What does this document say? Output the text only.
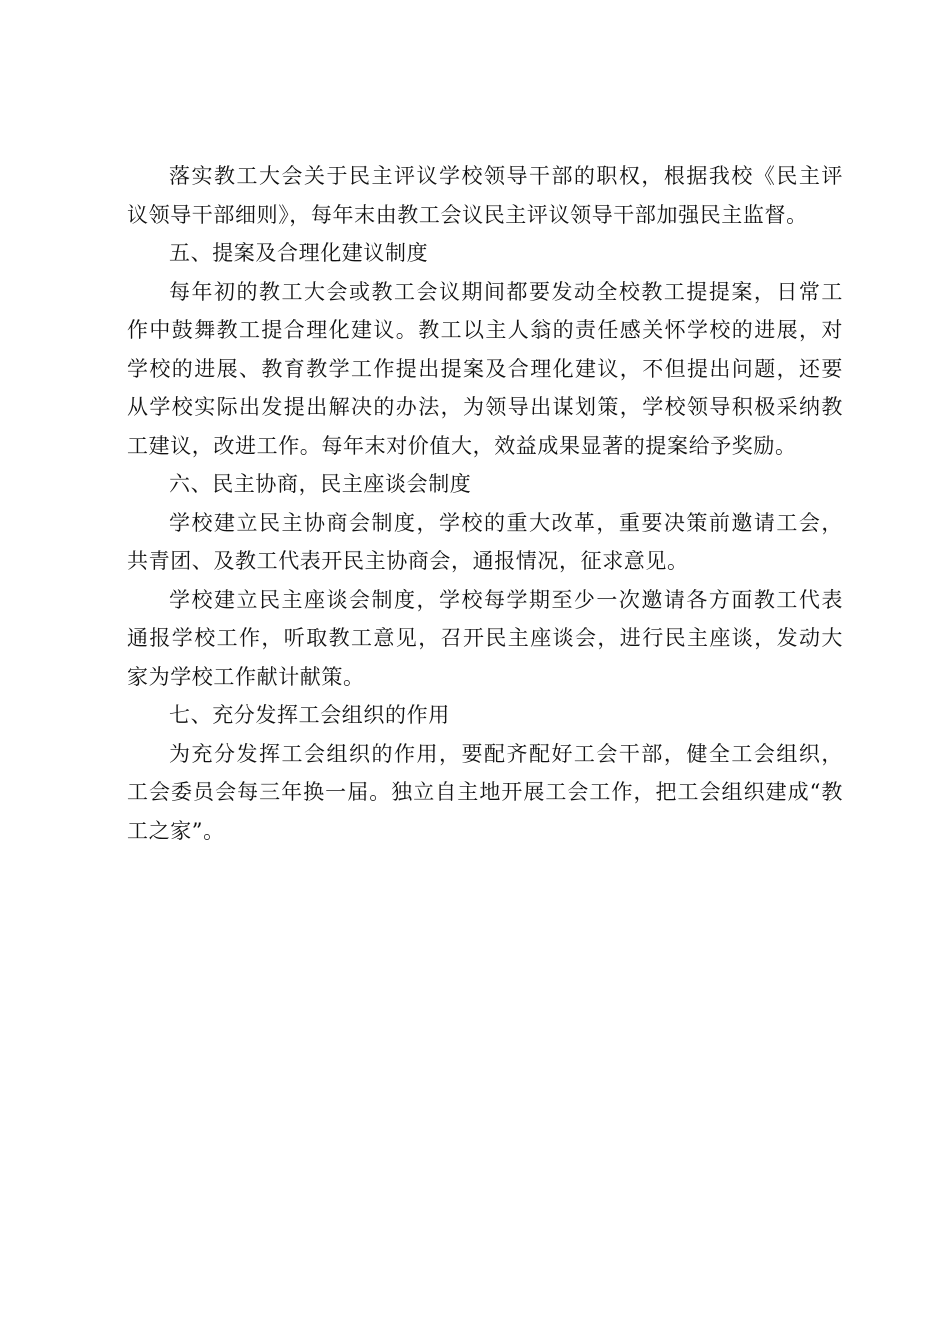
落实教工大会关于民主评议学校领导干部的职权，根据我校《民主评 议领导干部细则》，每年末由教工会议民主评议领导干部加强民主监督。

五、提案及合理化建议制度

每年初的教工大会或教工会议期间都要发动全校教工提提案，日常工 作中鼓舞教工提合理化建议。教工以主人翁的责任感关怀学校的进展，对 学校的进展、教育教学工作提出提案及合理化建议，不但提出问题，还要 从学校实际出发提出解决的办法，为领导出谋划策，学校领导积极采纳教 工建议，改进工作。每年末对价值大，效益成果显著的提案给予奖励。

六、民主协商，民主座谈会制度

学校建立民主协商会制度，学校的重大改革，重要决策前邀请工会， 共青团、及教工代表开民主协商会，通报情况，征求意见。

学校建立民主座谈会制度，学校每学期至少一次邀请各方面教工代表 通报学校工作，听取教工意见，召开民主座谈会，进行民主座谈，发动大 家为学校工作献计献策。

七、充分发挥工会组织的作用

为充分发挥工会组织的作用，要配齐配好工会干部，健全工会组织， 工会委员会每三年换一届。独立自主地开展工会工作，把工会组织建成“教 工之家”。
